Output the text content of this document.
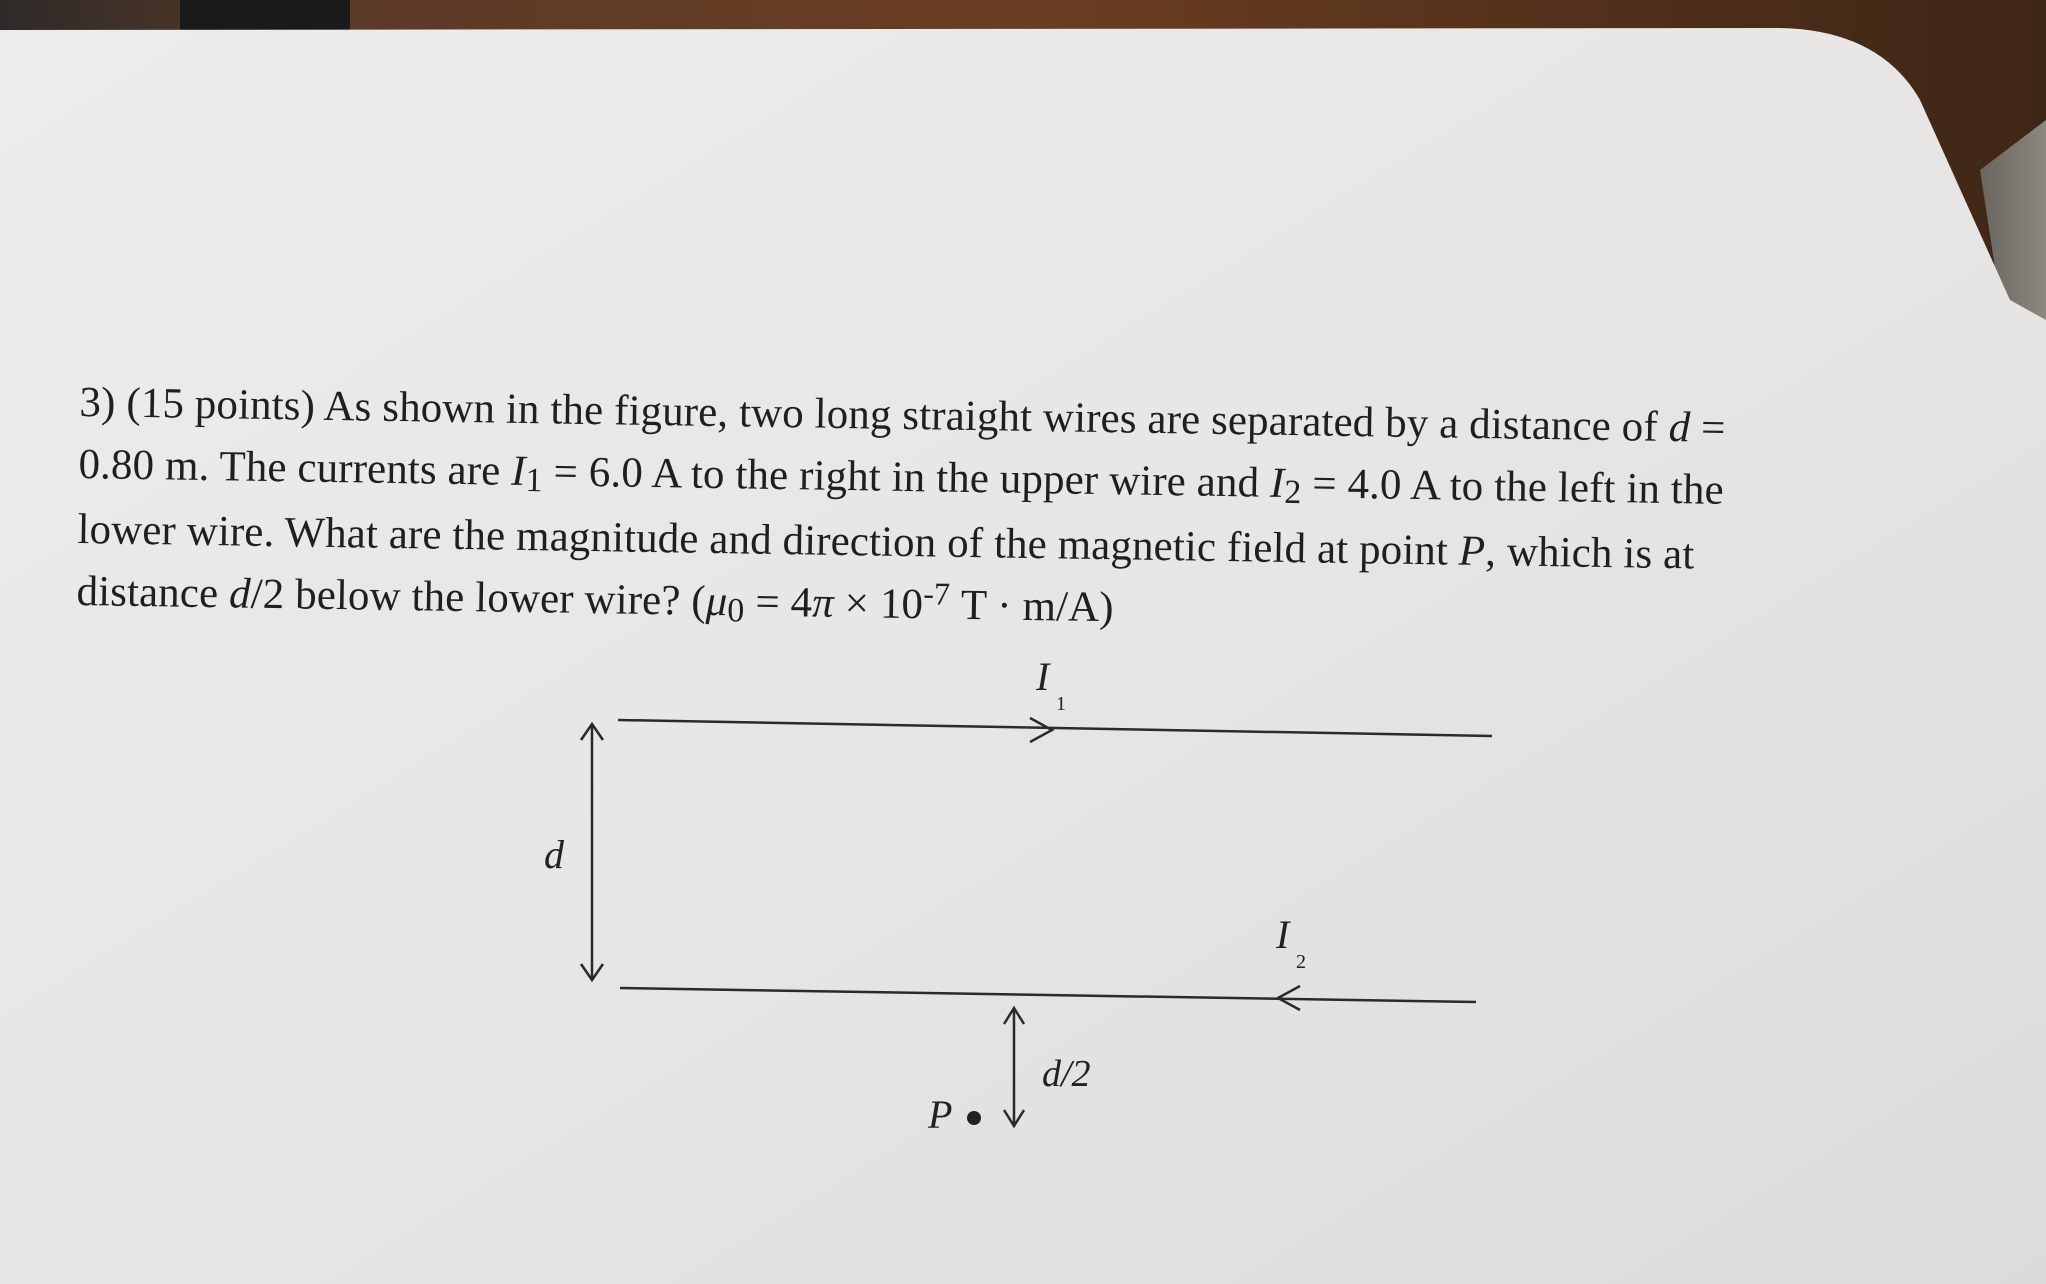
3) (15 points) As shown in the figure, two long straight wires are separated by a distance of d =
0.80 m. The currents are I1 = 6.0 A to the right in the upper wire and I2 = 4.0 A to the left in the
lower wire. What are the magnitude and direction of the magnetic field at point P, which is at
distance d/2 below the lower wire? ($\mu 0 = 4\pi \times 10^{-7}$ T · m/A)
I
1
I
2
d
d/2
P
